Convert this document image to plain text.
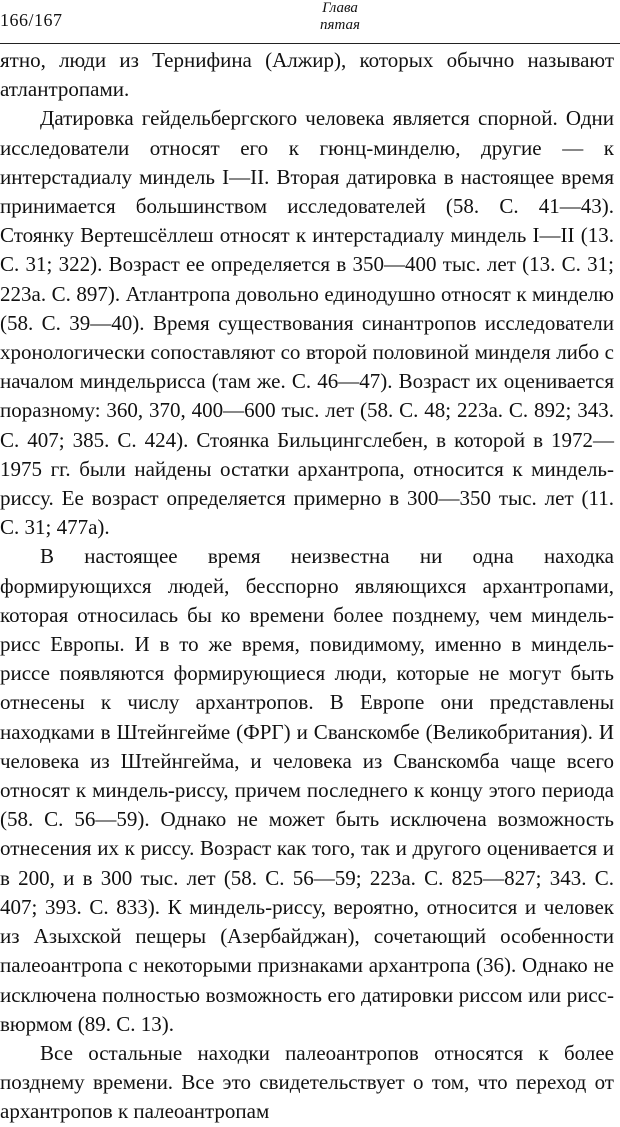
166/167
Глава
пятая

ятно, люди из Тернифина (Алжир), которых обычно называют атлантропами.

Датировка гейдельбергского человека является спорной. Одни исследователи относят его к гюнц-минделю, другие — к интерстадиалу миндель I—II. Вторая датировка в настоящее время принимается большинством исследователей (58. С. 41—43). Стоянку Вертешсёллеш относят к интерстадиалу миндель I—II (13. С. 31; 322). Возраст ее определяется в 350—400 тыс. лет (13. С. 31; 223а. С. 897). Атлантропа довольно единодушно относят к минделю (58. С. 39—40). Время существования синантропов исследователи хронологически сопоставляют со второй половиной минделя либо с началом миндельрисса (там же. С. 46—47). Возраст их оценивается поразному: 360, 370, 400—600 тыс. лет (58. С. 48; 223а. С. 892; 343. С. 407; 385. С. 424). Стоянка Бильцингслебен, в которой в 1972—1975 гг. были найдены остатки архантропа, относится к миндель-риссу. Ее возраст определяется примерно в 300—350 тыс. лет (11. С. 31; 477а).

В настоящее время неизвестна ни одна находка формирующихся людей, бесспорно являющихся архантропами, которая относилась бы ко времени более позднему, чем миндель-рисс Европы. И в то же время, повидимому, именно в миндель-риссе появляются формирующиеся люди, которые не могут быть отнесены к числу архантропов. В Европе они представлены находками в Штейнгейме (ФРГ) и Сванскомбе (Великобритания). И человека из Штейнгейма, и человека из Сванскомба чаще всего относят к миндель-риссу, причем последнего к концу этого периода (58. С. 56—59). Однако не может быть исключена возможность отнесения их к риссу. Возраст как того, так и другого оценивается и в 200, и в 300 тыс. лет (58. С. 56—59; 223а. С. 825—827; 343. С. 407; 393. С. 833). К миндель-риссу, вероятно, относится и человек из Азыхской пещеры (Азербайджан), сочетающий особенности палеоантропа с некоторыми признаками архантропа (36). Однако не исключена полностью возможность его датировки риссом или рисс-вюрмом (89. С. 13).

Все остальные находки палеоантропов относятся к более позднему времени. Все это свидетельствует о том, что переход от архантропов к палеоантропам
